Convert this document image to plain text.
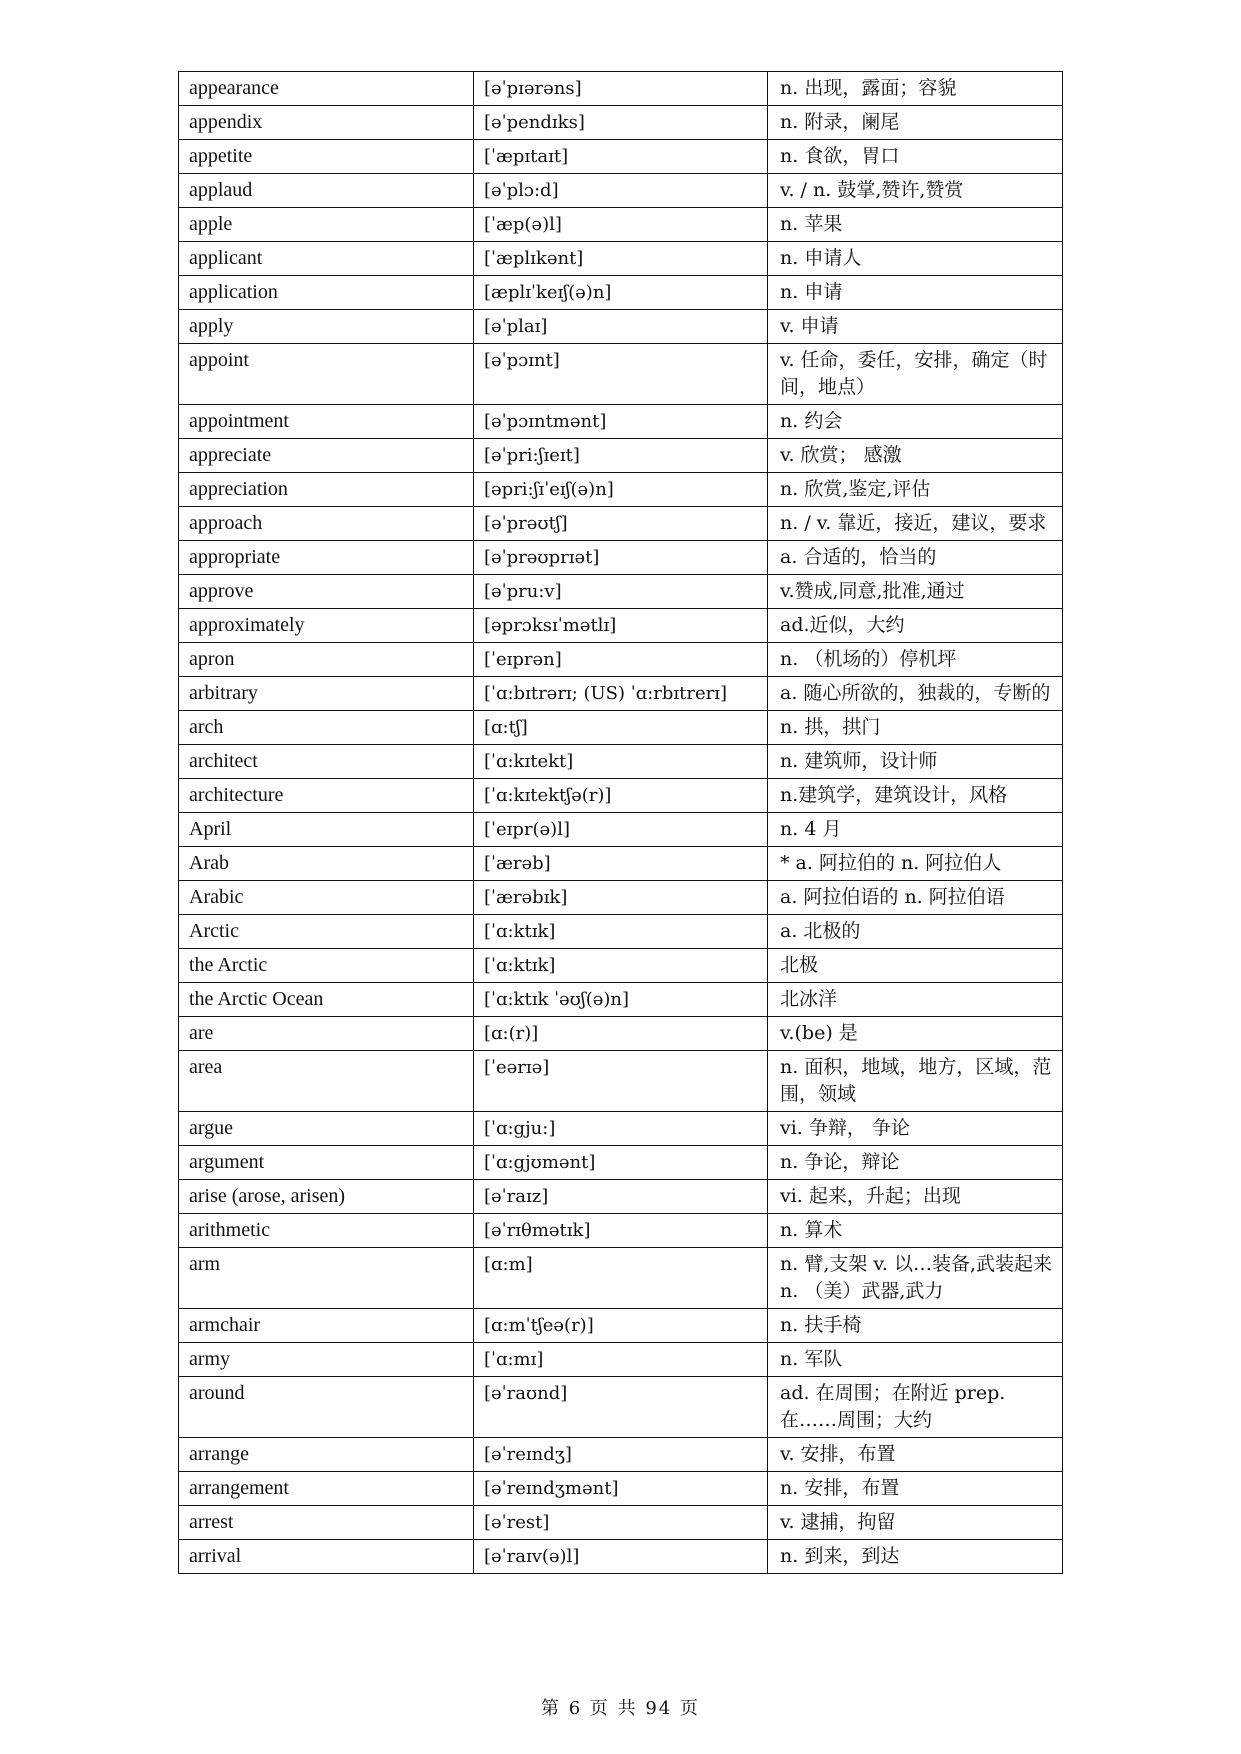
appearance	[əˈpɪərəns]	n. 出现，露面；容貌
appendix	[əˈpendɪks]	n. 附录，阑尾
appetite	[ˈæpɪtaɪt]	n. 食欲，胃口
applaud	[əˈplɔ:d]	v. / n. 鼓掌,赞许,赞赏
apple	[ˈæp(ə)l]	n. 苹果
applicant	[ˈæplɪkənt]	n. 申请人
application	[æplɪˈkeɪʃ(ə)n]	n. 申请
apply	[əˈplaɪ]	v. 申请
appoint	[əˈpɔɪnt]	v. 任命，委任，安排，确定（时间，地点）
appointment	[əˈpɔɪntmənt]	n. 约会
appreciate	[əˈpri:ʃɪeɪt]	v. 欣赏； 感激
appreciation	[əpri:ʃɪˈeɪʃ(ə)n]	n. 欣赏,鉴定,评估
approach	[əˈprəʊtʃ]	n. / v. 靠近，接近，建议，要求
appropriate	[əˈprəʊprɪət]	a. 合适的，恰当的
approve	[əˈpru:v]	v.赞成,同意,批准,通过
approximately	[əprɔksɪˈmətlɪ]	ad.近似，大约
apron	[ˈeɪprən]	n. （机场的）停机坪
arbitrary	[ˈɑ:bɪtrərɪ; (US) ˈɑ:rbɪtrerɪ]	a. 随心所欲的，独裁的，专断的
arch	[ɑ:tʃ]	n. 拱，拱门
architect	[ˈɑ:kɪtekt]	n. 建筑师，设计师
architecture	[ˈɑ:kɪtektʃə(r)]	n.建筑学，建筑设计，风格
April	[ˈeɪpr(ə)l]	n. 4 月
Arab	[ˈærəb]	* a. 阿拉伯的 n. 阿拉伯人
Arabic	[ˈærəbɪk]	a. 阿拉伯语的 n. 阿拉伯语
Arctic	[ˈɑ:ktɪk]	a. 北极的
the Arctic	[ˈɑ:ktɪk]	北极
the Arctic Ocean	[ˈɑ:ktɪk ˈəʊʃ(ə)n]	北冰洋
are	[ɑ:(r)]	v.(be) 是
area	[ˈeərɪə]	n. 面积，地域，地方，区域，范围，领域
argue	[ˈɑ:gju:]	vi. 争辩， 争论
argument	[ˈɑ:gjʊmənt]	n. 争论，辩论
arise (arose, arisen)	[əˈraɪz]	vi. 起来，升起；出现
arithmetic	[əˈrɪθmətɪk]	n. 算术
arm	[ɑ:m]	n. 臂,支架 v. 以…装备,武装起来 n. （美）武器,武力
armchair	[ɑ:mˈtʃeə(r)]	n. 扶手椅
army	[ˈɑ:mɪ]	n. 军队
around	[əˈraʊnd]	ad. 在周围；在附近 prep. 在……周围；大约
arrange	[əˈreɪndʒ]	v. 安排，布置
arrangement	[əˈreɪndʒmənt]	n. 安排，布置
arrest	[əˈrest]	v. 逮捕，拘留
arrival	[əˈraɪv(ə)l]	n. 到来，到达
第 6 页 共 94 页
